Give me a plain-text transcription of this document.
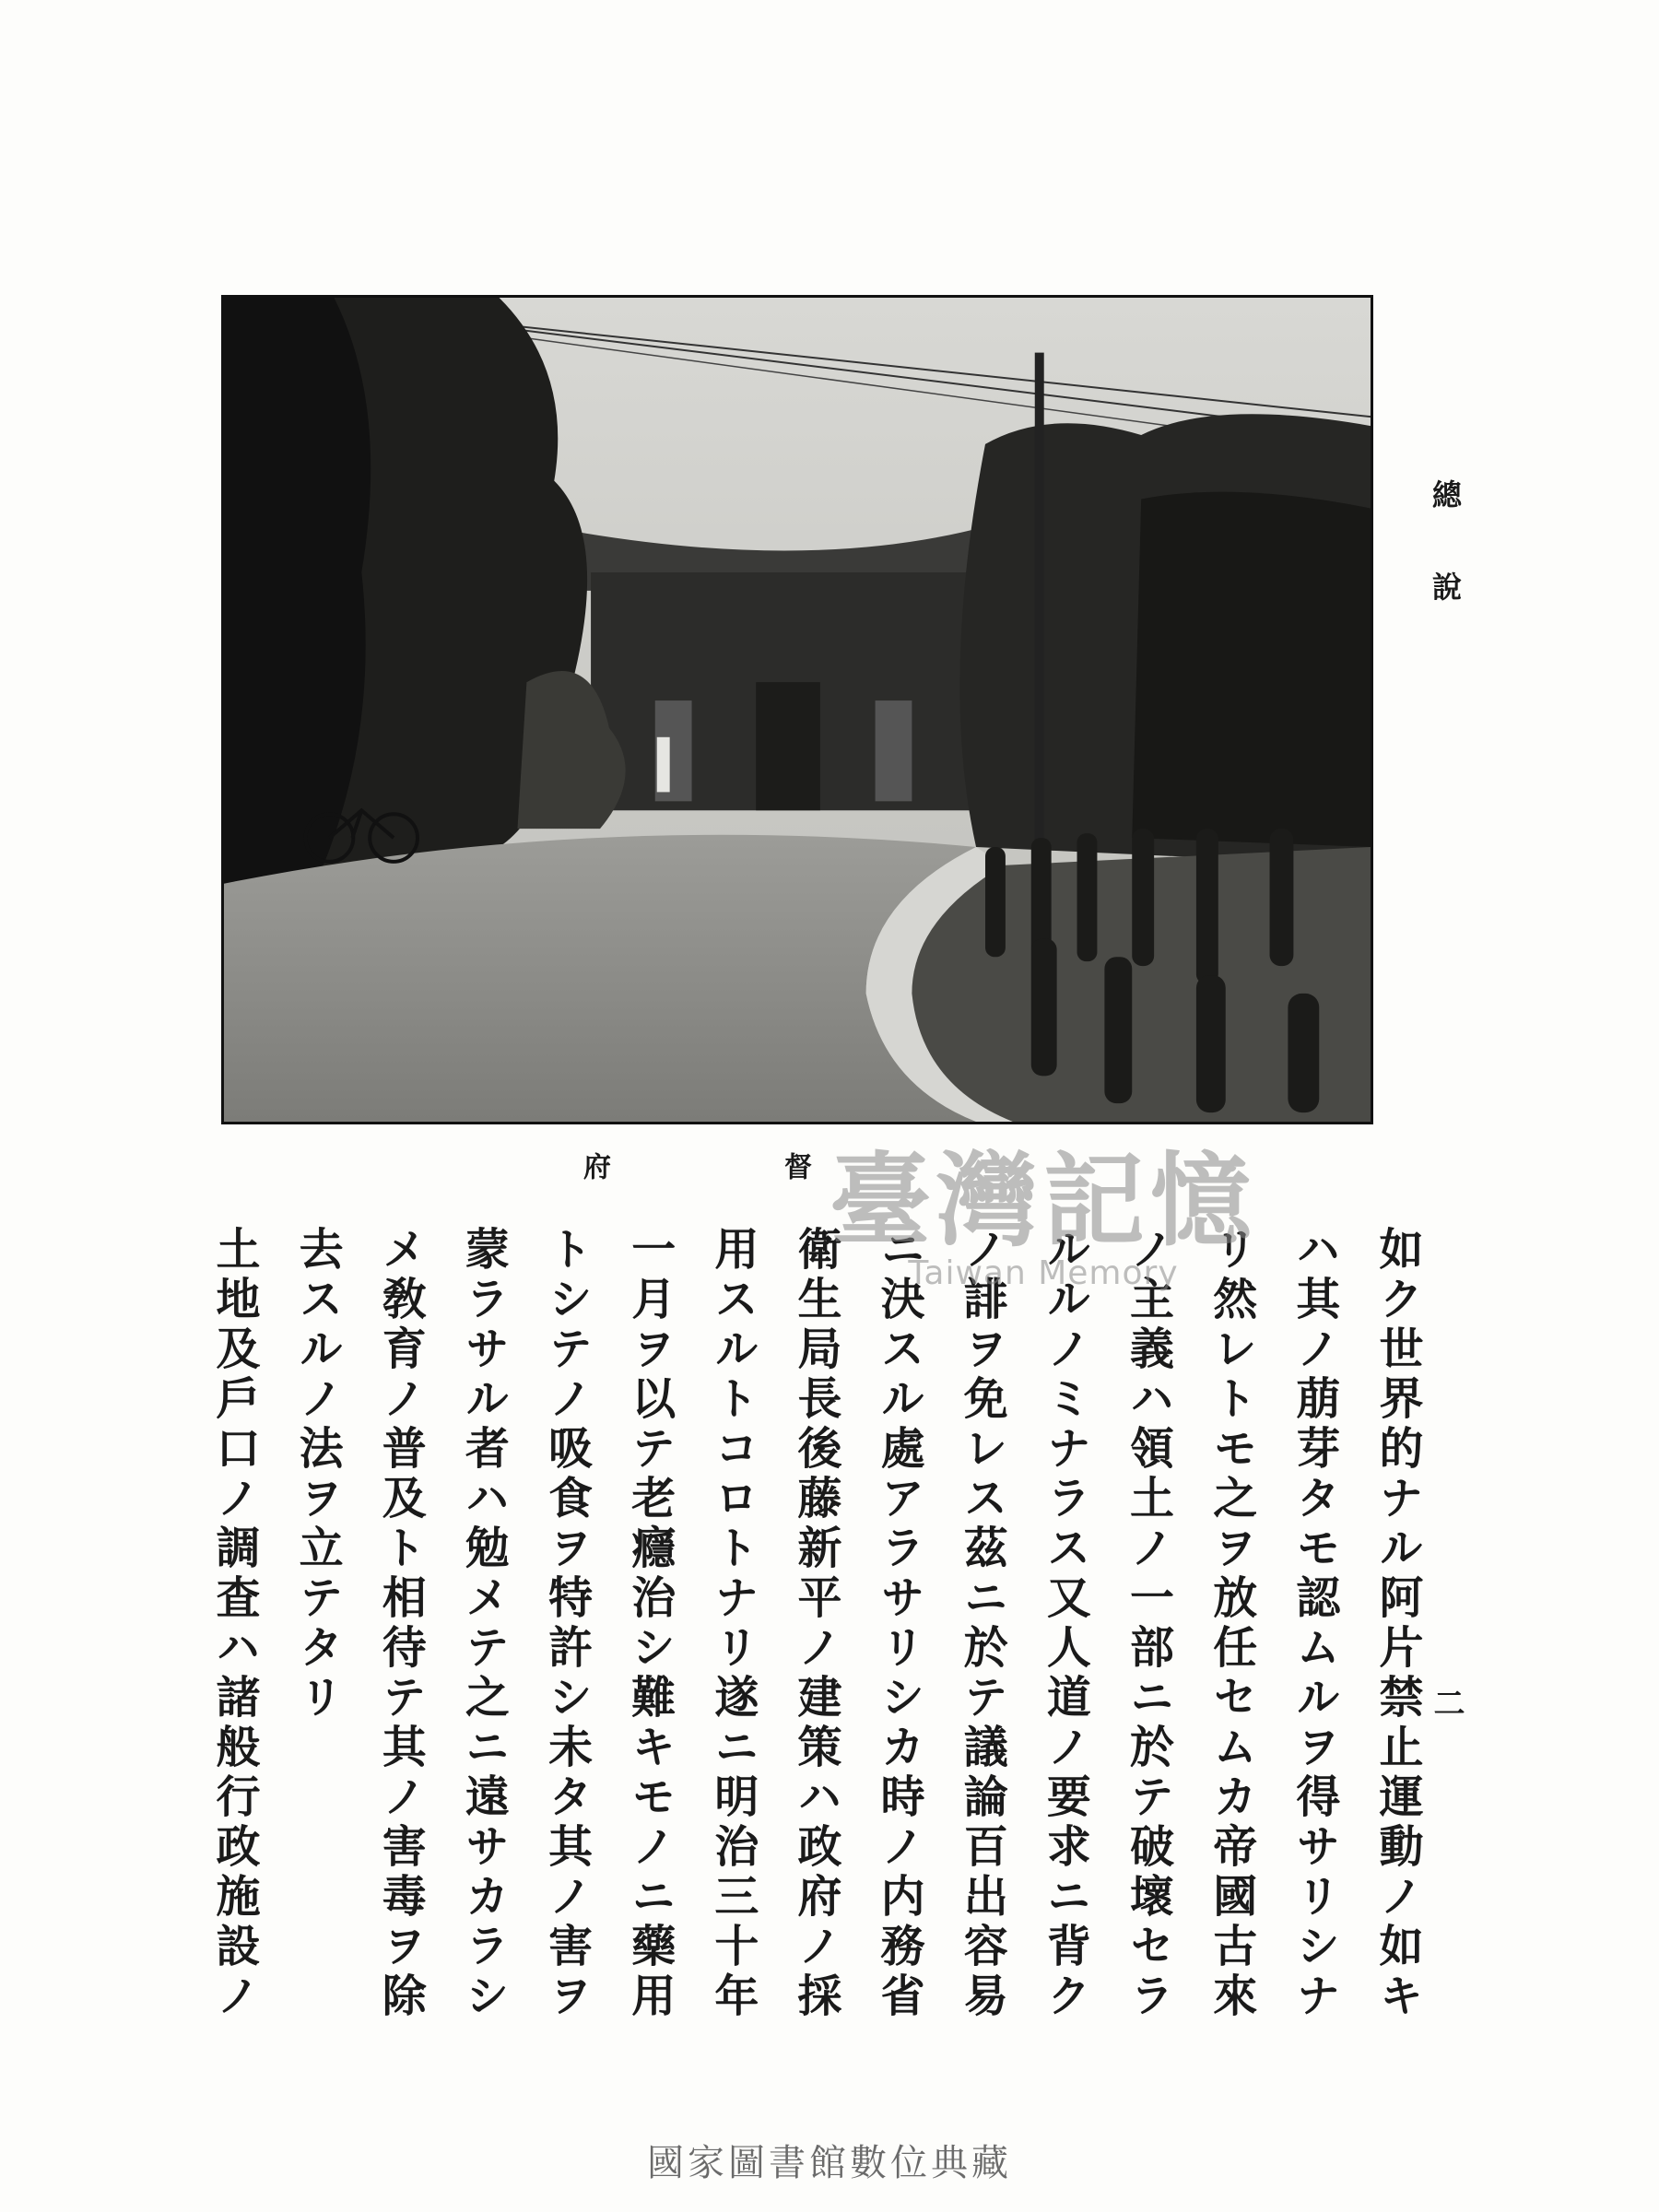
督
府
總說
二
如ク世界的ナル阿片禁止運動ノ如キ
ハ其ノ萠芽タモ認ムルヲ得サリシナ
リ然レトモ之ヲ放任セムカ帝國古來
ノ主義ハ領土ノ一部ニ於テ破壞セラ
ルルノミナラス又人道ノ要求ニ背ク
ノ誹ヲ免レス茲ニ於テ議論百出容易
ニ決スル處アラサリシカ時ノ内務省
衛生局長後藤新平ノ建策ハ政府ノ採
用スルトコロトナリ遂ニ明治三十年
一月ヲ以テ老癮治シ難キモノニ藥用
トシテノ吸食ヲ特許シ未タ其ノ害ヲ
蒙ラサル者ハ勉メテ之ニ遠サカラシ
メ敎育ノ普及ト相待テ其ノ害毒ヲ除
去スルノ法ヲ立テタリ
土地及戶口ノ調査ハ諸般行政施設ノ
臺灣記憶
Taiwan Memory
國家圖書館數位典藏
